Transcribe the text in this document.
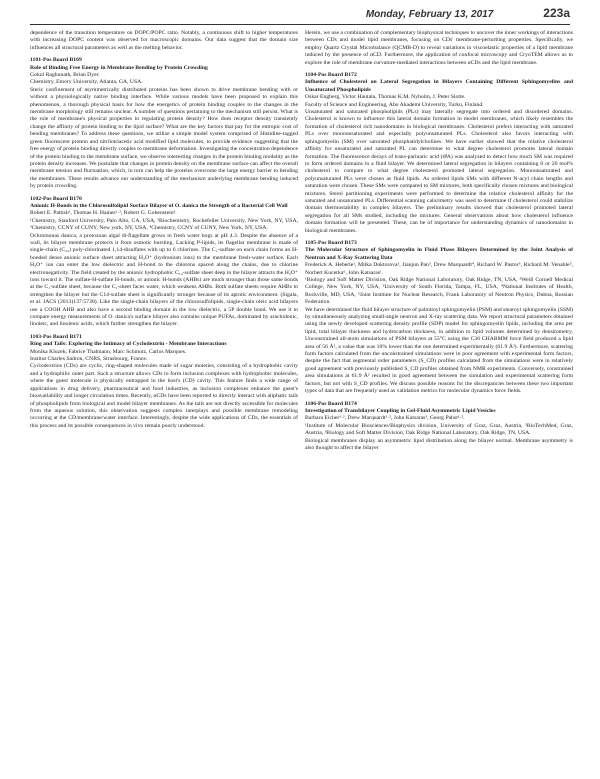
Monday, February 13, 2017	223a

dependence of the transition temperature on DOPC/POPC ratio. Notably, a continuous shift to higher temperatures with increasing DOPC content was observed for macroscopic domains. Our data suggest that the domain size influences all structural parameters as well as the melting behavior.

1101-Pos Board B169

Role of Binding Free Energy in Membrane Bending by Protein Crowding

Gokul Raghunath, Brian Dyer.

Chemistry, Emory University, Atlanta, GA, USA.

Steric confinement of asymmetrically distributed proteins has been shown to drive membrane bending with or without a physiologically native binding interface. While various models have been proposed to explain this phenomenon, a thorough physical basis for how the energetics of protein binding couples to the changes in the membrane morphology still remains unclear. A number of questions pertaining to the mechanism still persist. What is the role of membrane's physical properties in regulating protein density? How does receptor density transiently change the affinity of protein binding to the lipid surface? What are the key factors that pay for the entropic cost of bending membranes? To address these questions, we utilize a simple model system comprised of Histidine-tagged green fluorescent protein and nitrilotriacetic acid modified lipid molecules, to provide evidence suggesting that the free energy of protein binding directly couples to membrane deformation. Investigating the concentration dependence of the protein binding to the membrane surface, we observe interesting changes in the protein binding modality as the protein density increases. We postulate that changes in protein density on the membrane surface can affect the overall membrane tension and fluctuation, which, in turn can help the proteins overcome the large energy barrier to bending the membranes. These results advance our understanding of the mechanism underlying membrane bending induced by protein crowding.

1102-Pos Board B170

Anionic H-Bonds in the Chlorosulfolipid Surface Bilayer of O. danica the Strength of a Bacterial Cell Wall

Robert E. Pattish¹, Thomas H. Haines¹·², Robert G. Gohenstein³.

¹Chemistry, Stanford University, Palo Alto, CA, USA, ²Biochemistry, Rockefeller University, New York, NY, USA, ³Chemistry, CCNY of CUNY, New york, NY, USA, ⁴Chemistry, CCNY of CUNY, New York, NY, USA.

Ochromonas danica, a protozoan algal di-flagellate grows in fresh water bogs at pH 4.3. Despite the absence of a wall, its bilayer membrane protects it from osmotic bursting. Lacking P-lipids, its flagellar membrane is made of single-chain (C₂₂) poly-chlorinated 1,14-disulfates with up to 6 chlorines. The C₁-sulfate on each chain forms an H-bonded dense anionic surface sheet attracting H₃O⁺ (hydronium ions) to the membrane fresh-water surface. Each H₃O⁺ ion can enter the low dielectric and H-bond to the chlorons spaced along the chains, due to chlorine electronegativity. The field created by the anionic hydrophobic C₁₄-sulfate sheet deep in the bilayer attracts the H₃O⁺ ions toward it. The sulfate-H-sulfate H-bonds, or anionic H-bonds (AHBs) are much stronger than those same bonds at the C₁-sulfate sheet, because the C₁-sheet faces water, which weakens AHBs. Both sulfate sheets require AHBs to strengthen the bilayer but the C14-sulfate sheet is significantly stronger because of its aprotic environment. (Sigala, et al. JACS (2013)137:5730). Like the single-chain bilayers of the chlorosulfolipids, single-chain oleic acid bilayers use a COOH AHB and also have a second binding domain in the low dielectric, a 5P double bond. We use it to compare energy measurements of O. danica's surface bilayer also contains unique PUFAs, dominated by arachidonic, linoleic, and linolenic acids, which further strengthen the bilayer.

1103-Pos Board B171

Ring and Tails: Exploring the Intimacy of Cyclodextrin - Membrane Interactions

Monika Kluzek, Fabrice Thalmann, Marc Schmutz, Carlos Marques.

Institut Charles Sadron, CNRS, Strasbourg, France.

Cyclodextrins (CDs) are cyclic, ring-shaped molecules made of sugar moieties, consisting of a hydrophobic cavity and a hydrophilic outer part. Such a structure allows CDs to form inclusion complexes with hydrophobic molecules, where the guest molecule is physically entrapped in the host's (CD) cavity. This feature finds a wide range of applications in drug delivery, pharmaceutical and food industries, as inclusion complexes enhance the guest's bioavailability and longer circulation times. Recently, αCDs have been reported to directly interact with aliphatic tails of phospholipids from biological and model bilayer membranes. As the tails are not directly accessible for molecules from the aqueous solution, this observation suggests complex interplays and possible membrane remodeling occurring at the CD/membrane/water interface. Interestingly, despite the wide applications of CDs, the essentials of this process and its possible consequences in vivo remain poorly understood.

Herein, we use a combination of complementary biophysical techniques to uncover the inner workings of interactions between CDs and model lipid membranes, focusing on CDs' membrane-perturbing properties. Specifically, we employ Quartz Crystal Microbalance (QCMB-D) to reveal variations in viscoelastic properties of a lipid membrane induced by the presence of αCD. Furthermore, the application of confocal microscopy and CryoTEM allows us to explore the role of membrane curvature-mediated interactions between αCDs and the lipid membrane.

1104-Pos Board B172

Influence of Cholesterol on Lateral Segregation in Bilayers Containing Different Sphingomyelins and Unsaturated Phospholipids

Oskar Engberg, Victor Hautala, Thomas K.M. Nyholm, J. Peter Slotte.

Faculty of Science and Engineering, Abo Akademi University, Turku, Finland.

Unsaturated and saturated phospholipids (PLs) may laterally segregate into ordered and disordered domains. Cholesterol is known to influence this lateral domain formation in model membranes, which likely resembles the formation of cholesterol rich nanodomains in biological membranes. Cholesterol prefers interacting with saturated PLs over monounsaturated and especially polyunsaturated PLs. Cholesterol also favors interacting with sphingomyelin (SM) over saturated phosphatidylcholines. We have earlier showed that the relative cholesterol affinity for unsaturated and saturated PL can determine to what degree cholesterol promotes lateral domain formation. The fluorescence decays of trans-parinaric acid (tPA) was analyzed to detect how much SM was required to form ordered domains in a fluid bilayer. We determined lateral segregation in bilayers containing 0 or 20 mol% cholesterol to compare to what degree cholesterol promoted lateral segregation. Monounsaturated and polyunsaturated PLs were chosen as fluid lipids. As ordered lipids SMs with different N-acyl chain lengths and saturation were chosen. These SMs were compared to SM mixtures, both specifically chosen mixtures and biological mixtures. Sterol partitioning experiments were performed to determine the relative cholesterol affinity for the saturated and unsaturated PLs. Differential scanning calorimetry was used to determine if cholesterol could stabilize domain thermostability in complex bilayers. The preliminary results showed that cholesterol promoted lateral segregation for all SMs studied, including the mixtures. General observations about how cholesterol influence domain formation will be presented. These, can be of importance for understanding dynamics of nanodomains in biological membranes.

1105-Pos Board B173

The Molecular Structure of Sphingomyelin in Fluid Phase Bilayers Determined by the Joint Analysis of Neutron and X-Ray Scattering Data

Frederick A. Heberle¹, Milka Doktorova², Jianjun Pan³, Drew Marquardt⁴, Richard W. Pastor⁵, Richard M. Venable⁵, Norbert Kucerka⁶, John Katsaras¹.

¹Biology and Soft Matter Division, Oak Ridge National Laboratory, Oak Ridge, TN, USA, ²Weill Cornell Medical College, New York, NY, USA, ³University of South Florida, Tampa, FL, USA, ⁴National Institutes of Health, Rockville, MD, USA, ⁵Joint Institute for Nuclear Research, Frank Laboratory of Neutron Physics, Dubna, Russian Federation.

We have determined the fluid bilayer structure of palmitoyl sphingomyelin (PSM) and stearoyl sphingomyelin (SSM) by simultaneously analyzing small-angle neutron and X-ray scattering data. We report structural parameters obtained using the newly developed scattering density profile (SDP) model for sphingomyelin lipids, including the area per lipid, total bilayer thickness and hydrocarbon thickness, in addition to lipid volumes determined by densitometry. Unconstrained all-atom simulations of PSM bilayers at 55°C using the C36 CHARMM force field produced a lipid area of 56 Å², a value that was 10% lower than the one determined experimentally (61.9 Å²). Furthermore, scattering form factors calculated from the unconstrained simulations were in poor agreement with experimental form factors, despite the fact that segmental order parameters (S_CD) profiles calculated from the simulations were in relatively good agreement with previously published S_CD profiles obtained from NMR experiments. Conversely, constrained area simulations at 61.9 Å² resulted in good agreement between the simulation and experimental scattering form factors, but not with S_CD profiles. We discuss possible reasons for the discrepancies between these two important types of data that are frequently used as validation metrics for molecular dynamics force fields.

1106-Pos Board B174

Investigation of Transbilayer Coupling in Gel-Fluid Asymmetric Lipid Vesicles

Barbara Eicher¹·², Drew Marquardt¹·², John Katsaras³, Georg Pabst¹·².

¹Institute of Molecular Biosciences/Biophysics division, University of Graz, Graz, Austria, ²BioTechMed, Graz, Austria, ³Biology and Soft Matter Division, Oak Ridge National Laboratory, Oak Ridge, TN, USA.

Biological membranes display an asymmetric lipid distribution along the bilayer normal. Membrane asymmetry is also thought to affect the bilayer
